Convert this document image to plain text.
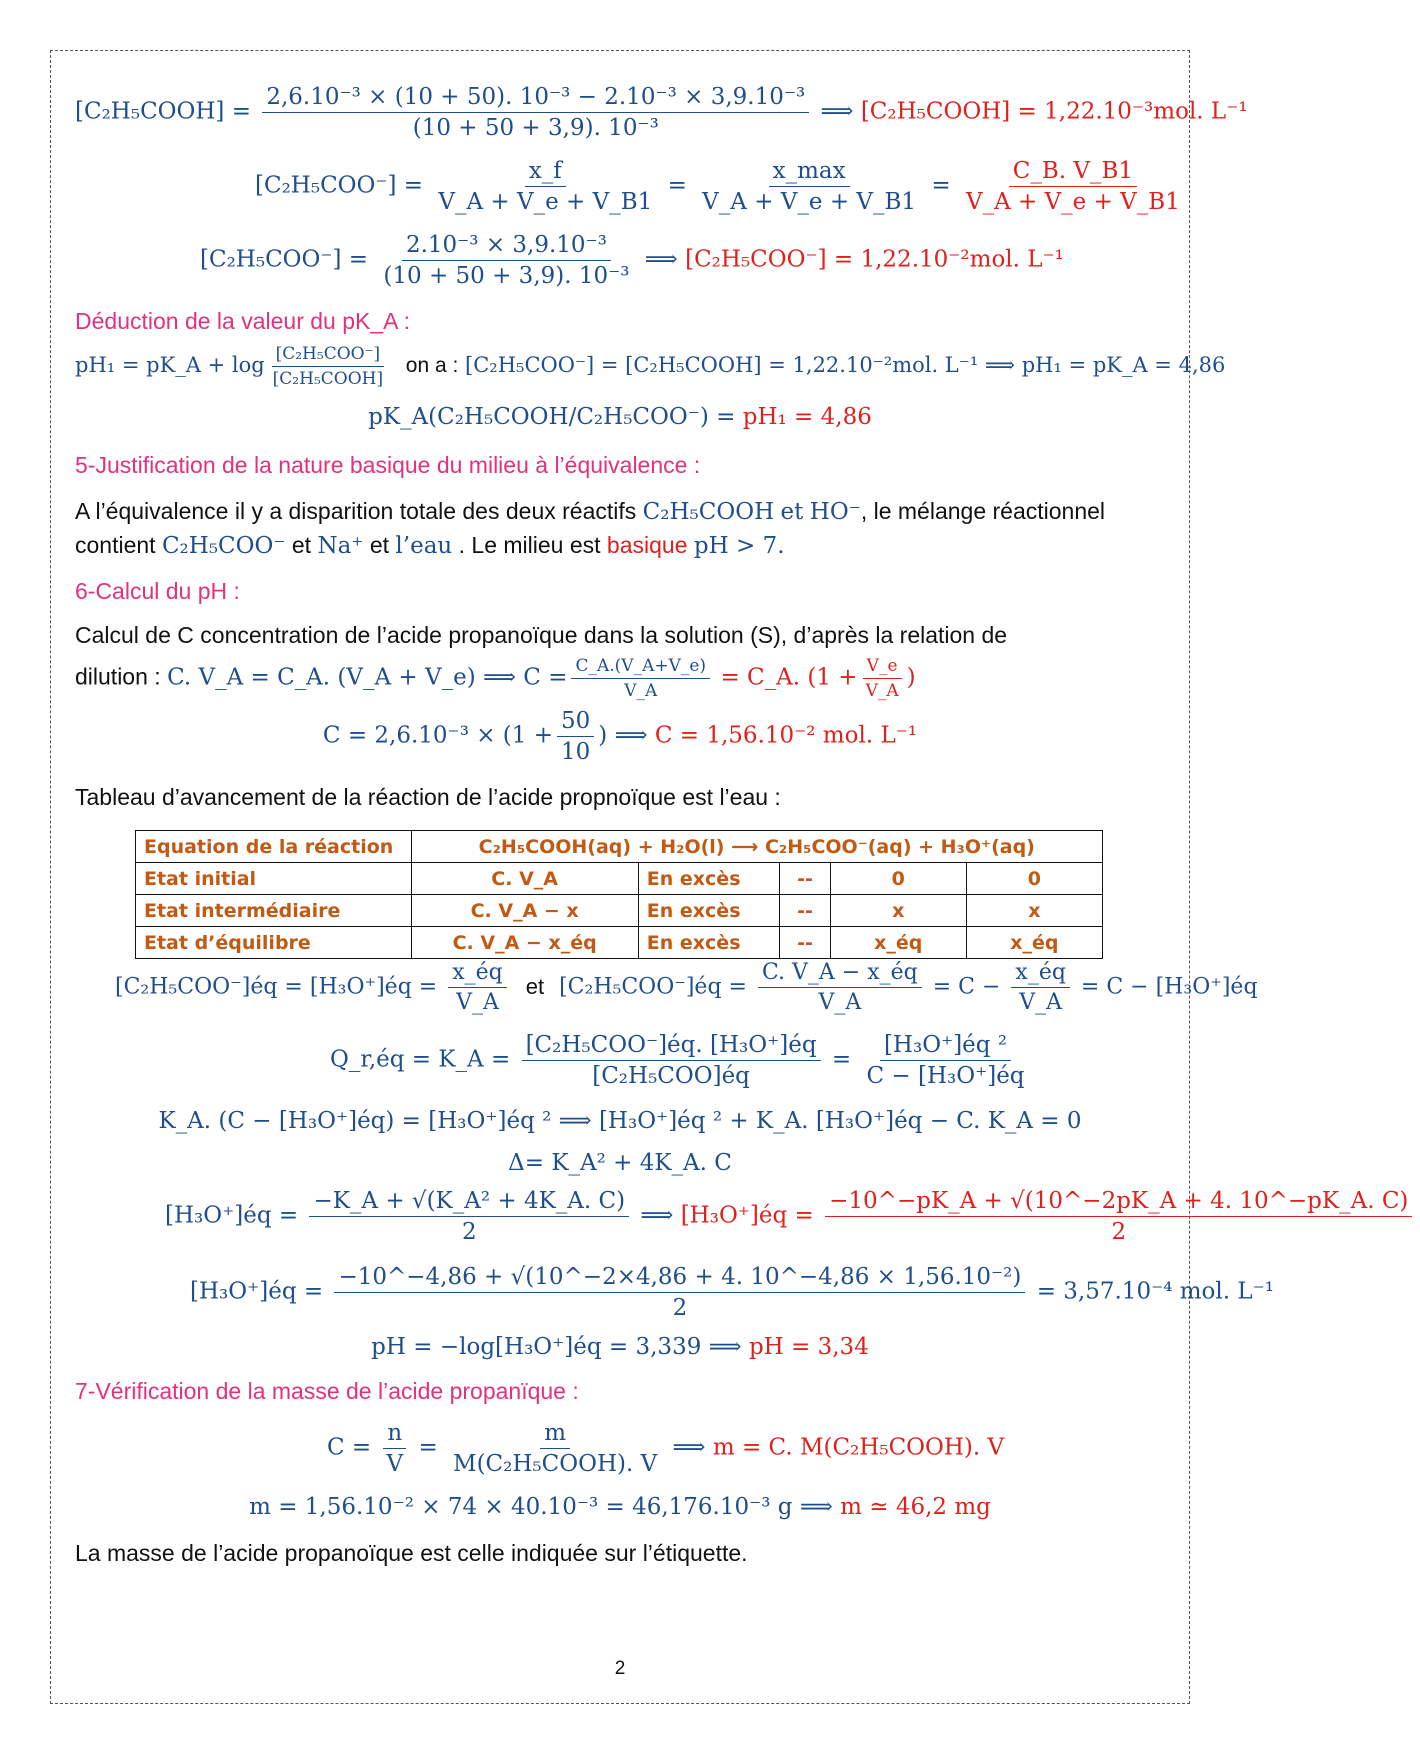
[C₂H₅COOH] = $\frac{\text{2,6.10⁻³ × (10 + 50). 10⁻³ − 2.10⁻³ × 3,9.10⁻³}}{\text{(10 + 50 + 3,9). 10⁻³}}$ ⟹ [C₂H₅COOH] = 1,22.10⁻³mol. L⁻¹
$[C_2H_5COO^-] = \frac{x\_f}{V\_A + V\_e + V\_B1} = \frac{x\_\max}{V\_A + V\_e + V\_B1} = \frac{C\_B. V\_B1}{V\_A + V\_e + V\_B1}$
$[C_2H_5COO^-] = \frac{\text{2.10⁻³ × 3,9.10⁻³}}{\text{(10 + 50 + 3,9). 10⁻³}}$ ⟹ [C₂H₅COO⁻] = 1,22.10⁻²mol. L⁻¹
Déduction de la valeur du pK_A :
pH₁ = pK_A + $\log \frac{\text{[C₂H₅COO⁻]}}{\text{[C₂H₅COOH]}}$ on a : [C₂H₅COO⁻] = [C₂H₅COOH] = 1,22.10⁻²mol. L⁻¹ ⟹ pH₁ = pK_A = 4,86
pK_A(C₂H₅COOH/C₂H₅COO⁻) = pH₁ = 4,86
5-Justification de la nature basique du milieu à l’équivalence :
A l’équivalence il y a disparition totale des deux réactifs C₂H₅COOH et HO⁻, le mélange réactionnel
contient C₂H₅COO⁻ et Na⁺ et l’eau . Le milieu est basique pH > 7.
6-Calcul du pH :
Calcul de C concentration de l’acide propanoïque dans la solution (S), d’après la relation de
dilution : C. V_A = C_A. (V_A + V_e) ⟹ $C = \frac{C\_A.(V\_A+V\_e)}{V\_A}$ = C_A. ($1 + \frac{V\_e}{V\_A}$ )
$C = 2,6.10^{-3} \times (1 + \frac{50}{10}$ ) ⟹ C = 1,56.10⁻² mol. L⁻¹
Tableau d’avancement de la réaction de l’acide propnoïque est l’eau :
Equation de la réaction	C₂H₅COOH(aq) + H₂O(l) ⟶ C₂H₅COO⁻(aq) + H₃O⁺(aq)				
Etat initial	C. V_A	En excès	--	0	0
Etat intermédiaire	C. V_A − x	En excès	--	x	x
Etat d’équilibre	C. V_A − x_éq	En excès	--	x_éq	x_éq
[C₂H₅COO⁻]éq = [H₃O⁺]éq = $\frac{x\_éq}{V\_A}$ et [C₂H₅COO⁻]éq = $\frac{C. V\_A - x\_éq}{V\_A} = C - \frac{x\_éq}{V\_A} = C$ − [H₃O⁺]éq
Q_r,éq = K_A = $\frac{\text{[C₂H₅COO⁻]éq. [H₃O⁺]éq}}{\text{[C₂H₅COO]éq}} = \frac{\text{[H₃O⁺]éq ²}}{\text{C − [H₃O⁺]éq}}$
K_A. (C − [H₃O⁺]éq) = [H₃O⁺]éq ² ⟹ [H₃O⁺]éq ² + K_A. [H₃O⁺]éq − C. K_A = 0
Δ= K_A² + 4K_A. C
[H₃O⁺]éq = $\frac{\text{−K\_A + √(K\_A² + 4K\_A. C)}}{2}$ ⟹ [H₃O⁺]éq = $\frac{-10\^{}-pK\_A + √(10\^{}-2pK\_A + 4. 10\^{}-pK\_A. C)}{2}$
[H₃O⁺]éq = $\frac{\text{−10\textasciicircum{}−4,86 + √(10\textasciicircum{}−2×4,86 + 4. 10\textasciicircum{}−4,86 × 1,56.10⁻²)}}{2} = 3,57.10^{-4}$ mol. L⁻¹
pH = −log[H₃O⁺]éq = 3,339 ⟹ pH = 3,34
7-Vérification de la masse de l’acide propanïque :
$C = \frac{n}{V} = \frac{m}{\text{M(C₂H₅COOH). V}}$ ⟹ m = C. M(C₂H₅COOH). V
m = 1,56.10⁻² × 74 × 40.10⁻³ = 46,176.10⁻³ g ⟹ m ≃ 46,2 mg
La masse de l’acide propanoïque est celle indiquée sur l’étiquette.
2
